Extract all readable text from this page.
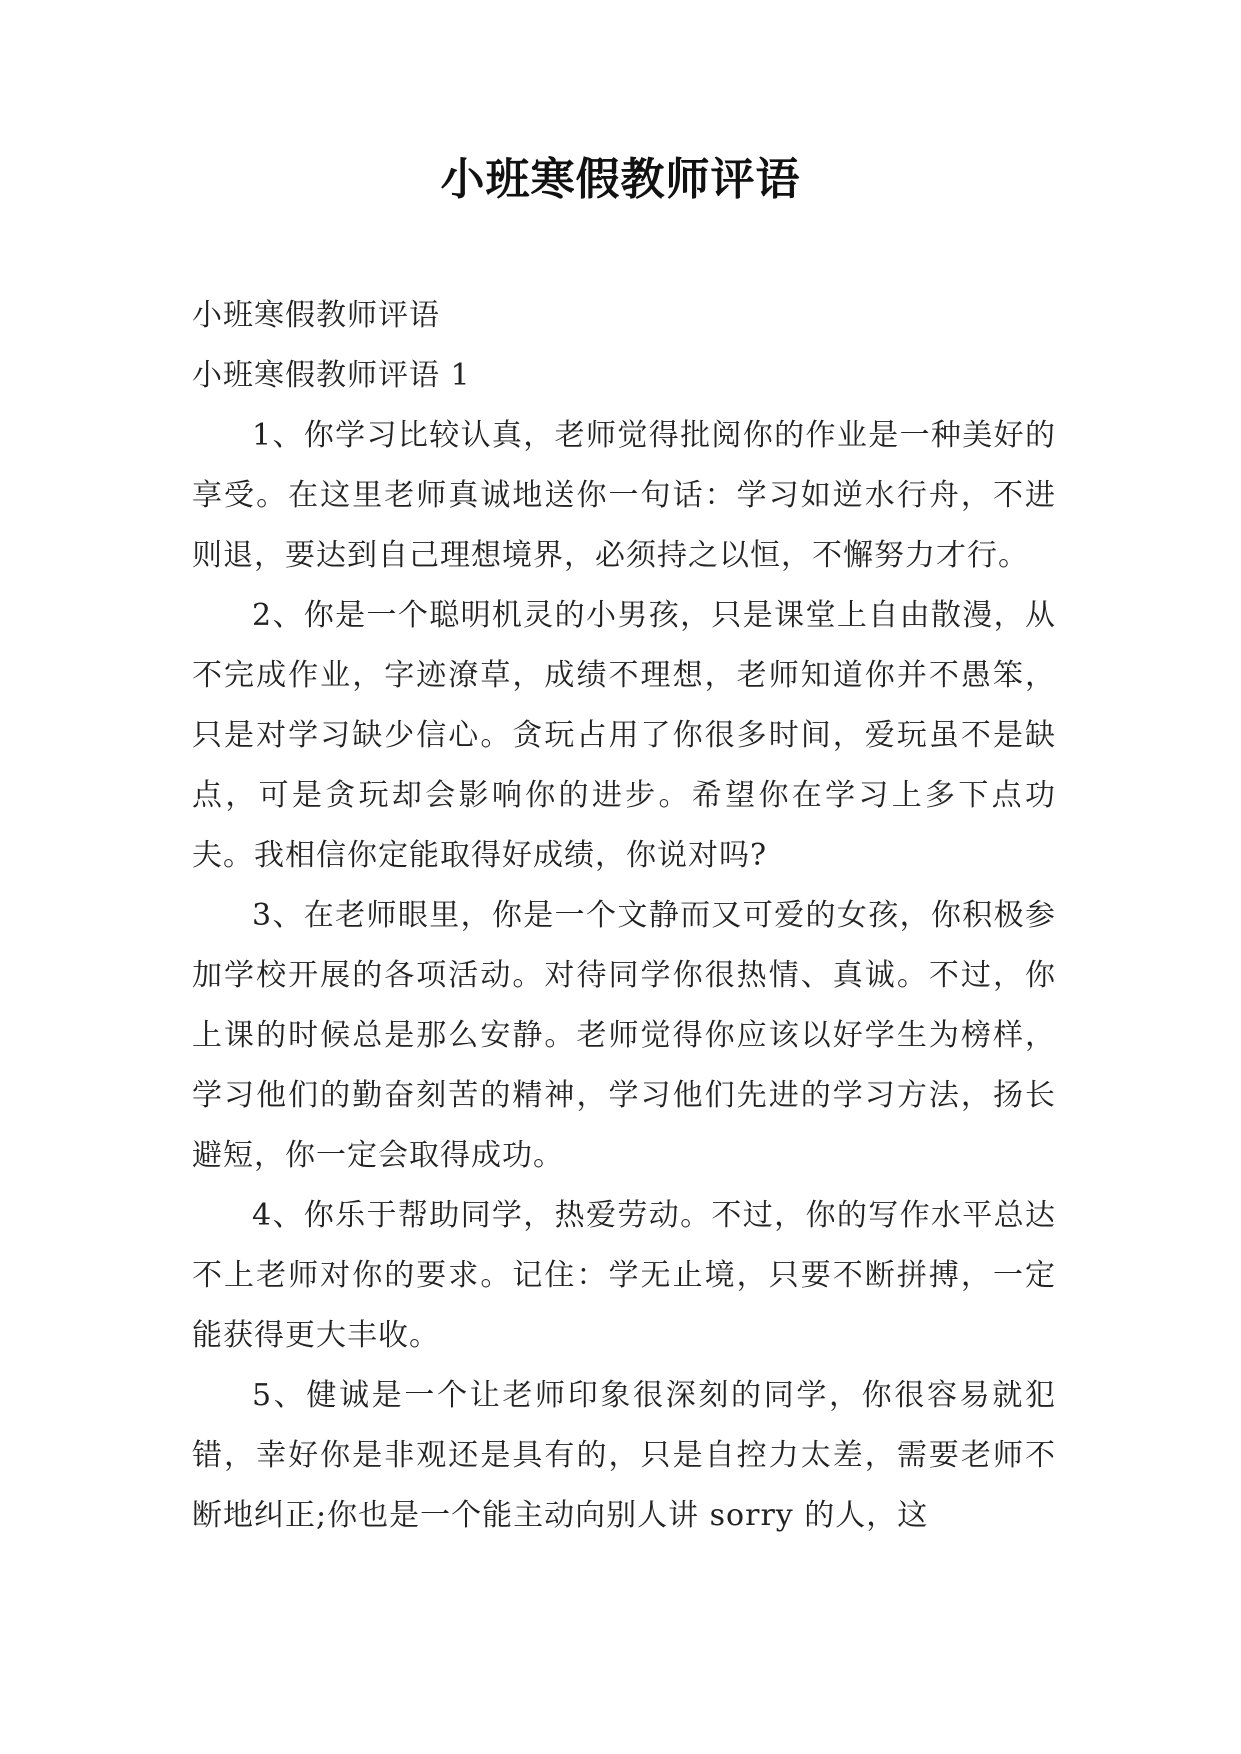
小班寒假教师评语

小班寒假教师评语

小班寒假教师评语 1

1、你学习比较认真，老师觉得批阅你的作业是一种美好的享受。在这里老师真诚地送你一句话：学习如逆水行舟，不进则退，要达到自己理想境界，必须持之以恒，不懈努力才行。

2、你是一个聪明机灵的小男孩，只是课堂上自由散漫，从不完成作业，字迹潦草，成绩不理想，老师知道你并不愚笨，只是对学习缺少信心。贪玩占用了你很多时间，爱玩虽不是缺点，可是贪玩却会影响你的进步。希望你在学习上多下点功夫。我相信你定能取得好成绩，你说对吗?

3、在老师眼里，你是一个文静而又可爱的女孩，你积极参加学校开展的各项活动。对待同学你很热情、真诚。不过，你上课的时候总是那么安静。老师觉得你应该以好学生为榜样，学习他们的勤奋刻苦的精神，学习他们先进的学习方法，扬长避短，你一定会取得成功。

4、你乐于帮助同学，热爱劳动。不过，你的写作水平总达不上老师对你的要求。记住：学无止境，只要不断拼搏，一定能获得更大丰收。

5、健诚是一个让老师印象很深刻的同学，你很容易就犯错，幸好你是非观还是具有的，只是自控力太差，需要老师不断地纠正;你也是一个能主动向别人讲 sorry 的人，这
